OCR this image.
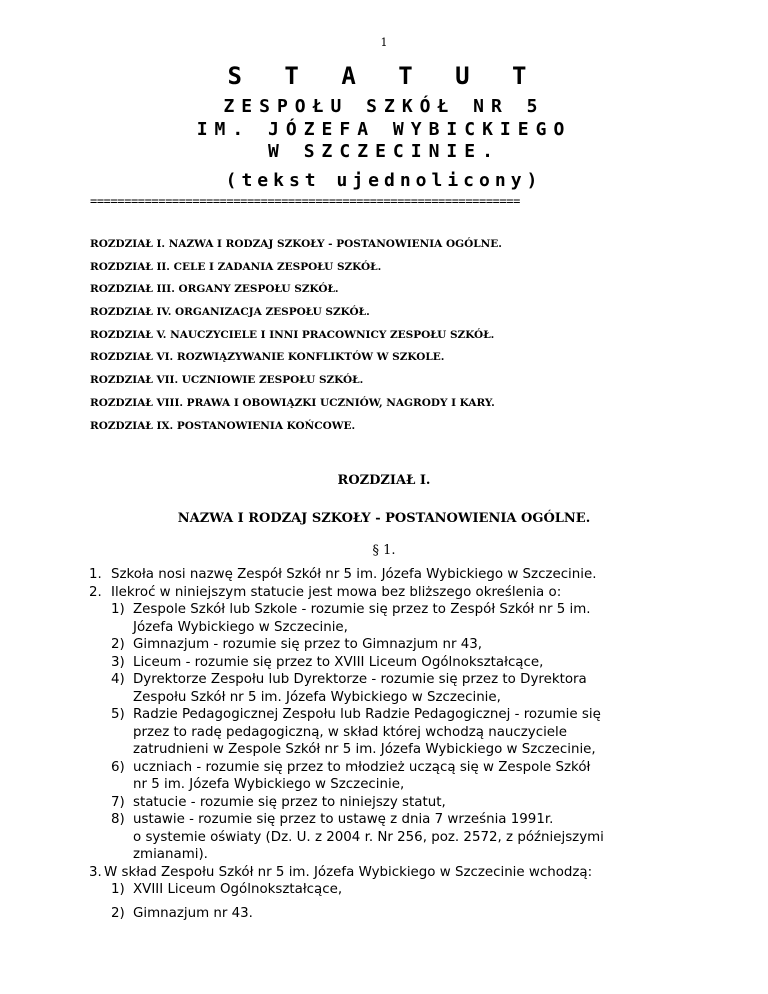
1
S T A T U T
ZESPOŁU SZKÓŁ NR 5
IM. JÓZEFA WYBICKIEGO
W SZCZECINIE.
(tekst ujednolicony)
===============================================================
ROZDZIAŁ I. NAZWA I RODZAJ SZKOŁY - POSTANOWIENIA OGÓLNE.
ROZDZIAŁ II. CELE I ZADANIA ZESPOŁU SZKÓŁ.
ROZDZIAŁ III. ORGANY ZESPOŁU SZKÓŁ.
ROZDZIAŁ IV. ORGANIZACJA ZESPOŁU SZKÓŁ.
ROZDZIAŁ V. NAUCZYCIELE I INNI PRACOWNICY ZESPOŁU SZKÓŁ.
ROZDZIAŁ VI. ROZWIĄZYWANIE KONFLIKTÓW W SZKOLE.
ROZDZIAŁ VII. UCZNIOWIE ZESPOŁU SZKÓŁ.
ROZDZIAŁ VIII. PRAWA I OBOWIĄZKI UCZNIÓW, NAGRODY I KARY.
ROZDZIAŁ IX. POSTANOWIENIA KOŃCOWE.
ROZDZIAŁ I.
NAZWA I RODZAJ SZKOŁY - POSTANOWIENIA OGÓLNE.
§ 1.
1. Szkoła nosi nazwę Zespół Szkół nr 5 im. Józefa Wybickiego w Szczecinie.
2. Ilekroć w niniejszym statucie jest mowa bez bliższego określenia o:
1) Zespole Szkół lub Szkole - rozumie się przez to Zespół Szkół nr 5 im.
Józefa Wybickiego w Szczecinie,
2) Gimnazjum - rozumie się przez to Gimnazjum nr 43,
3) Liceum - rozumie się przez to XVIII Liceum Ogólnokształcące,
4) Dyrektorze Zespołu lub Dyrektorze - rozumie się przez to Dyrektora
Zespołu Szkół nr 5 im. Józefa Wybickiego w Szczecinie,
5) Radzie Pedagogicznej Zespołu lub Radzie Pedagogicznej - rozumie się
przez to radę pedagogiczną, w skład której wchodzą nauczyciele
zatrudnieni w Zespole Szkół nr 5 im. Józefa Wybickiego w Szczecinie,
6) uczniach - rozumie się przez to młodzież uczącą się w Zespole Szkół
nr 5 im. Józefa Wybickiego w Szczecinie,
7) statucie - rozumie się przez to niniejszy statut,
8) ustawie - rozumie się przez to ustawę z dnia 7 września 1991r.
o systemie oświaty (Dz. U. z 2004 r. Nr 256, poz. 2572, z późniejszymi
zmianami).
3. W skład Zespołu Szkół nr 5 im. Józefa Wybickiego w Szczecinie wchodzą:
1) XVIII Liceum Ogólnokształcące,
2) Gimnazjum nr 43.
